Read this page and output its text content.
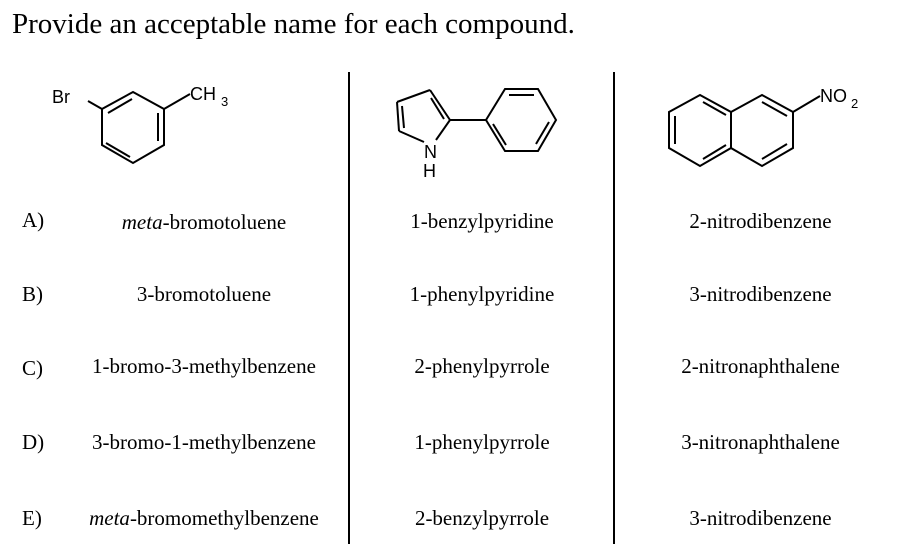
Provide an acceptable name for each compound.
Br	CH 3
N
H
NO 2
A)	meta-bromotoluene	1-benzylpyridine	2-nitrodibenzene
B)	3-bromotoluene	1-phenylpyridine	3-nitrodibenzene
C)	1-bromo-3-methylbenzene	2-phenylpyrrole	2-nitronaphthalene
D)	3-bromo-1-methylbenzene	1-phenylpyrrole	3-nitronaphthalene
E)	meta-bromomethylbenzene	2-benzylpyrrole	3-nitrodibenzene
